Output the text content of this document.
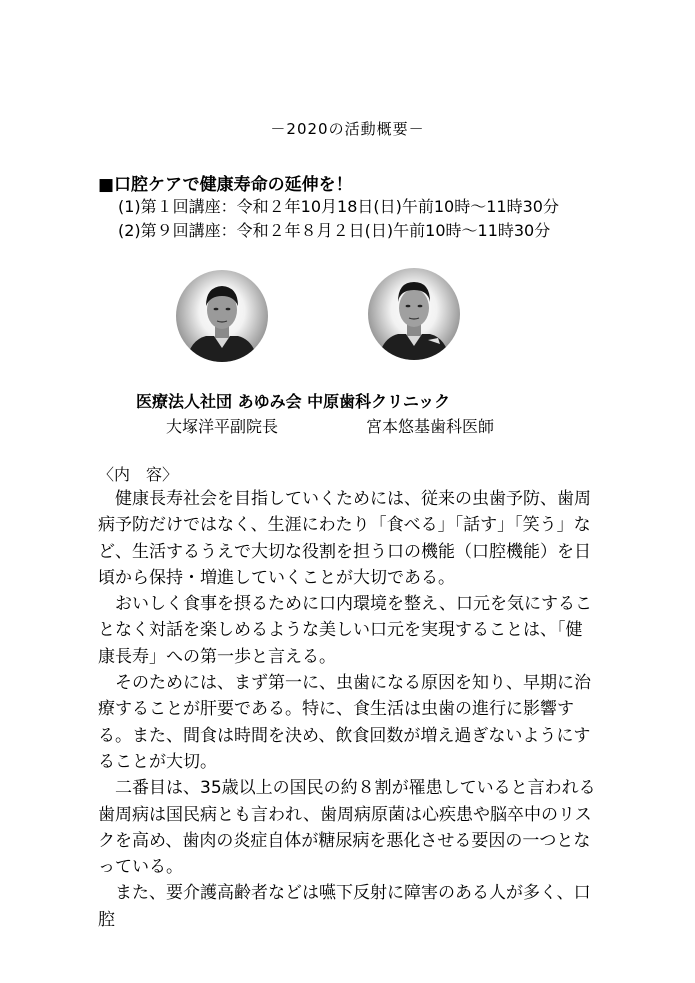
－2020の活動概要－
■口腔ケアで健康寿命の延伸を！
(1)第１回講座：令和２年10月18日(日)午前10時～11時30分
(2)第９回講座：令和２年８月２日(日)午前10時～11時30分
医療法人社団 あゆみ会 中原歯科クリニック
大塚洋平副院長	宮本悠基歯科医師
〈内　容〉

健康長寿社会を目指していくためには、従来の虫歯予防、歯周病予防だけではなく、生涯にわたり「食べる」「話す」「笑う」など、生活するうえで大切な役割を担う口の機能（口腔機能）を日頃から保持・増進していくことが大切である。

おいしく食事を摂るために口内環境を整え、口元を気にすることなく対話を楽しめるような美しい口元を実現することは、「健康長寿」への第一歩と言える。

そのためには、まず第一に、虫歯になる原因を知り、早期に治療することが肝要である。特に、食生活は虫歯の進行に影響する。また、間食は時間を決め、飲食回数が増え過ぎないようにすることが大切。

二番目は、35歳以上の国民の約８割が罹患していると言われる歯周病は国民病とも言われ、歯周病原菌は心疾患や脳卒中のリスクを高め、歯肉の炎症自体が糖尿病を悪化させる要因の一つとなっている。

また、要介護高齢者などは嚥下反射に障害のある人が多く、口腔
